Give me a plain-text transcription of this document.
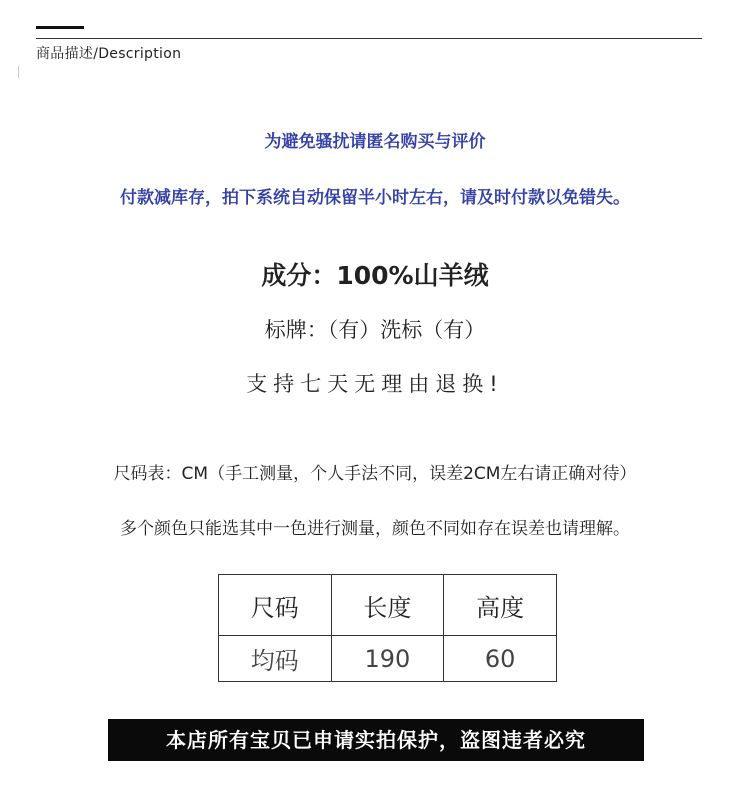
商品描述/Description
为避免骚扰请匿名购买与评价
付款减库存，拍下系统自动保留半小时左右，请及时付款以免错失。
成分：100%山羊绒
标牌：（有）洗标（有）
支持七天无理由退换!
尺码表：CM（手工测量，个人手法不同，误差2CM左右请正确对待）
多个颜色只能选其中一色进行测量，颜色不同如存在误差也请理解。
尺码	长度	高度
均码	190	60
本店所有宝贝已申请实拍保护，盗图违者必究
